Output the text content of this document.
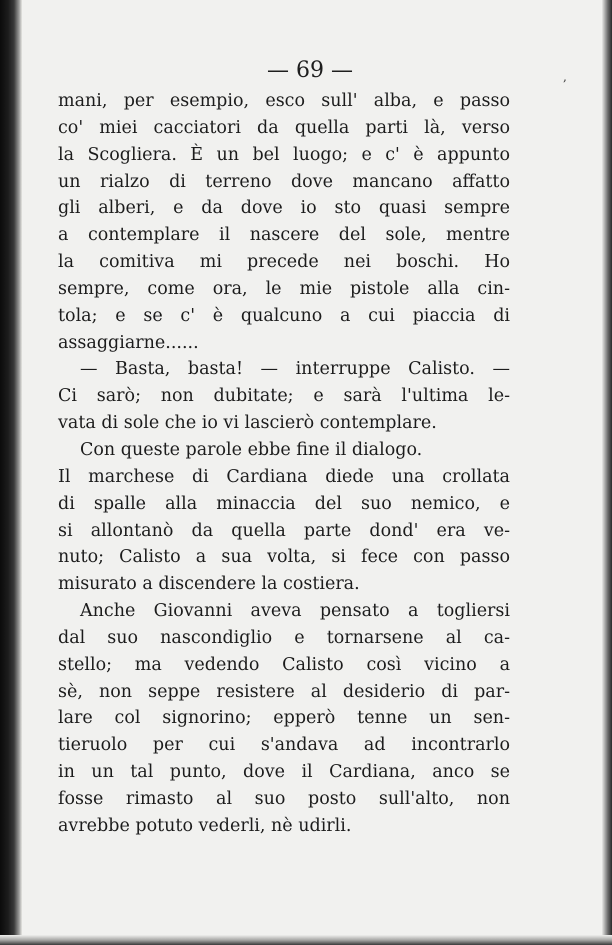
— 69 —	,
mani, per esempio, esco sull' alba, e passo
co' miei cacciatori da quella parti là, verso
la Scogliera. È un bel luogo; e c' è appunto
un rialzo di terreno dove mancano affatto
gli alberi, e da dove io sto quasi sempre
a contemplare il nascere del sole, mentre
la comitiva mi precede nei boschi. Ho
sempre, come ora, le mie pistole alla cin-
tola; e se c' è qualcuno a cui piaccia di
assaggiarne......
— Basta, basta! — interruppe Calisto. —
Ci sarò; non dubitate; e sarà l'ultima le-
vata di sole che io vi lascierò contemplare.
Con queste parole ebbe fine il dialogo.
Il marchese di Cardiana diede una crollata
di spalle alla minaccia del suo nemico, e
si allontanò da quella parte dond' era ve-
nuto; Calisto a sua volta, si fece con passo
misurato a discendere la costiera.
Anche Giovanni aveva pensato a togliersi
dal suo nascondiglio e tornarsene al ca-
stello; ma vedendo Calisto così vicino a
sè, non seppe resistere al desiderio di par-
lare col signorino; epperò tenne un sen-
tieruolo per cui s'andava ad incontrarlo
in un tal punto, dove il Cardiana, anco se
fosse rimasto al suo posto sull'alto, non
avrebbe potuto vederli, nè udirli.
